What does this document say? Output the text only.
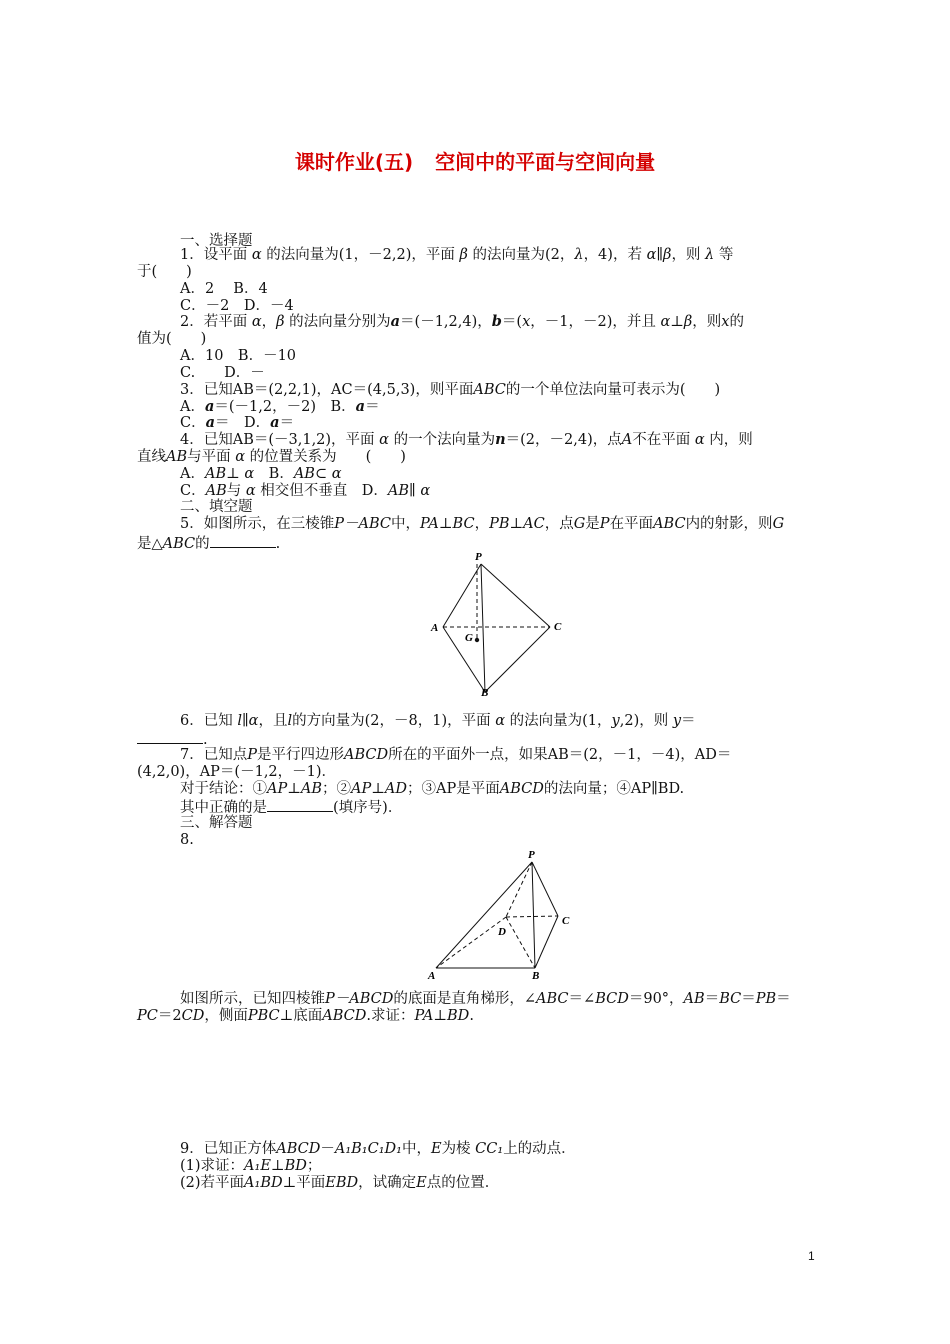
课时作业(五) 空间中的平面与空间向量
一、选择题
1．设平面 α 的法向量为(1，－2,2)，平面 β 的法向量为(2，λ，4)，若 α∥β，则 λ 等
于(　　)
A．2　 B．4
C．－2　D．－4
2．若平面 α，β 的法向量分别为a＝(－1,2,4)，b＝(x，－1，－2)，并且 α⊥β，则x的
值为(　　)
A．10　B．－10
C.　　D．－
3．已知AB＝(2,2,1)，AC＝(4,5,3)，则平面ABC的一个单位法向量可表示为(　　)
A．a＝(－1,2，－2)　B．a＝
C．a＝　D．a＝
4．已知AB＝(－3,1,2)，平面 α 的一个法向量为n＝(2，－2,4)，点A不在平面 α 内，则
直线AB与平面 α 的位置关系为　　(　　)
A．AB⊥ α　B．AB⊂ α
C．AB与 α 相交但不垂直　D．AB∥ α
二、填空题
5．如图所示，在三棱锥P－ABC中，PA⊥BC，PB⊥AC，点G是P在平面ABC内的射影，则G
是△ABC的	.
P
A	C
B
G
6．已知 l∥α，且l的方向量为(2，－8，1)，平面 α 的法向量为(1，y,2)，则 y＝
.
7．已知点P是平行四边形ABCD所在的平面外一点，如果AB＝(2，－1，－4)，AD＝
(4,2,0)，AP＝(－1,2，－1)．
对于结论：①AP⊥AB；②AP⊥AD；③AP是平面ABCD的法向量；④AP∥BD.
其中正确的是	(填序号)．
三、解答题
8.
P
D
C
A	B
如图所示，已知四棱锥P－ABCD的底面是直角梯形，∠ABC＝∠BCD＝90°，AB＝BC＝PB＝
PC＝2CD，侧面PBC⊥底面ABCD.求证：PA⊥BD.
9．已知正方体ABCD－A₁B₁C₁D₁中，E为棱 CC₁上的动点．
(1)求证：A₁E⊥BD；
(2)若平面A₁BD⊥平面EBD，试确定E点的位置．
1
